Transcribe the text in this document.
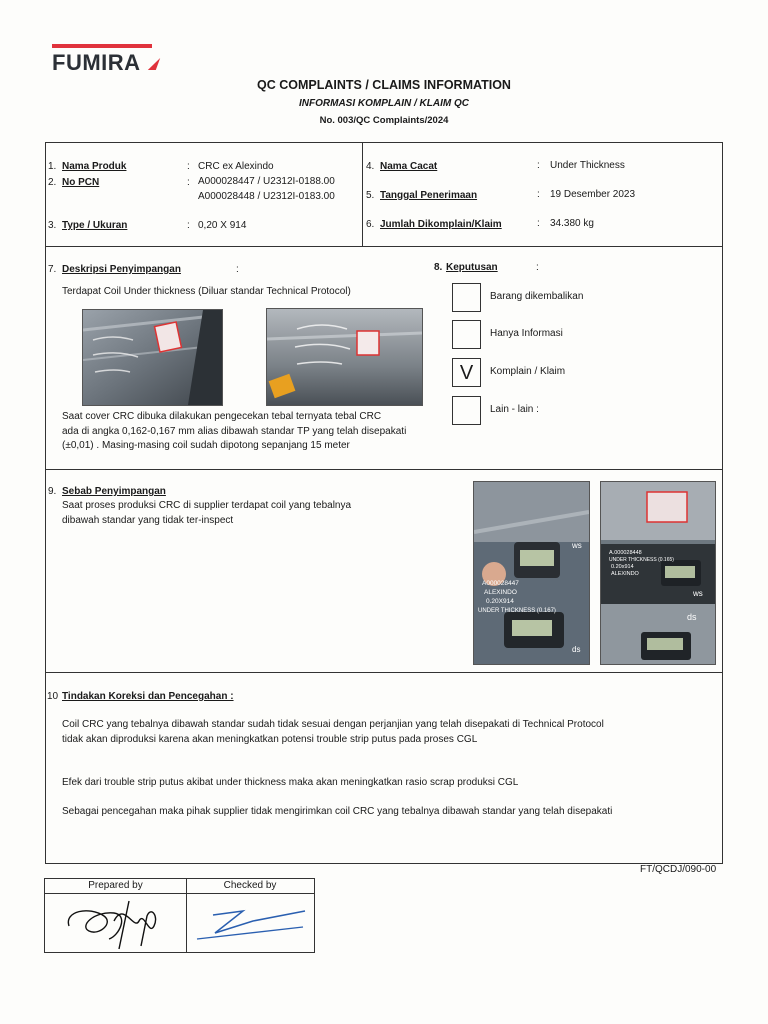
FUMIRA
QC COMPLAINTS / CLAIMS INFORMATION
INFORMASI KOMPLAIN / KLAIM QC
No. 003/QC Complaints/2024
1. Nama Produk	: CRC ex Alexindo
2. No PCN	: A000028447 / U2312I-0188.00
A000028448 / U2312I-0183.00
3. Type / Ukuran	: 0,20 X 914
4. Nama Cacat	: Under Thickness
5. Tanggal Penerimaan	: 19 Desember 2023
6. Jumlah Dikomplain/Klaim	: 34.380 kg
7. Deskripsi Penyimpangan	:
Terdapat Coil Under thickness (Diluar standar Technical Protocol)
Saat cover CRC dibuka dilakukan pengecekan tebal ternyata tebal CRC
ada di angka 0,162-0,167 mm alias dibawah standar TP yang telah disepakati
(±0,01) . Masing-masing coil sudah dipotong sepanjang 15 meter
8. Keputusan	:
Barang dikembalikan
Hanya Informasi
V	Komplain / Klaim
Lain - lain :
9. Sebab Penyimpangan
Saat proses produksi CRC di supplier terdapat coil yang tebalnya
dibawah standar yang tidak ter-inspect
ws
ds
A000028447
ALEXINDO
0.20X914
UNDER THICKNESS (0.167)
A.000028448
UNDER THICKNESS (0.165)
0.20x914
ALEXINDO
ws
ds
10 Tindakan Koreksi dan Pencegahan :
Coil CRC yang tebalnya dibawah standar sudah tidak sesuai dengan perjanjian yang telah disepakati di Technical Protocol
tidak akan diproduksi karena akan meningkatkan potensi trouble strip putus pada proses CGL
Efek dari trouble strip putus akibat under thickness maka akan meningkatkan rasio scrap produksi CGL
Sebagai pencegahan maka pihak supplier tidak mengirimkan coil CRC yang tebalnya dibawah standar yang telah disepakati
FT/QCDJ/090-00
Prepared by	Checked by
